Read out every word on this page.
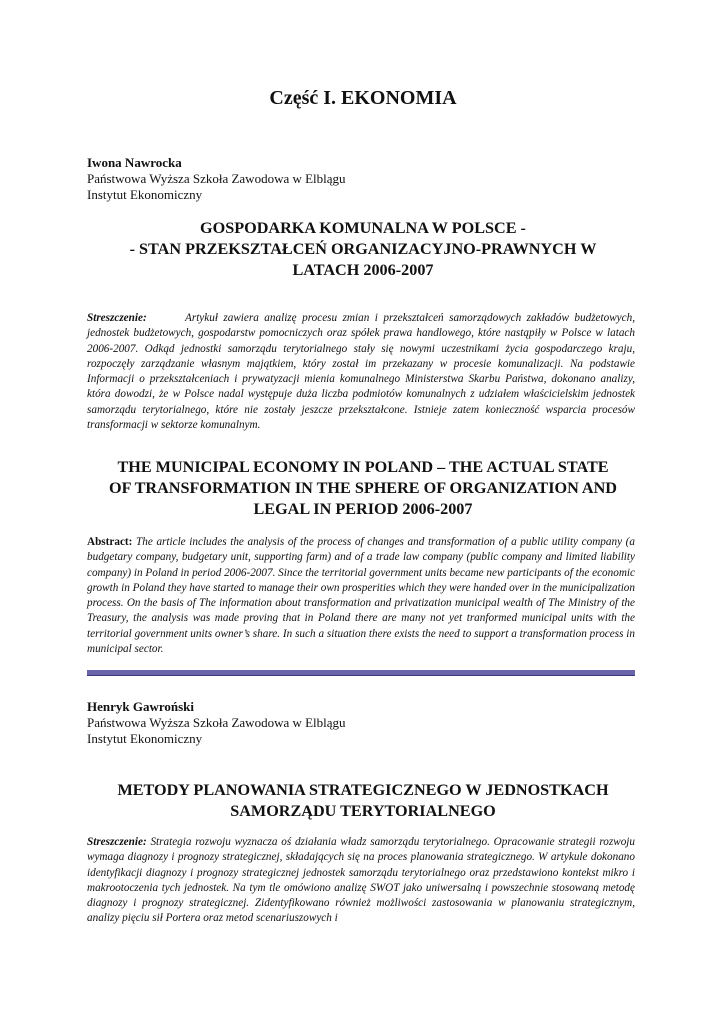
Część I. EKONOMIA
Iwona Nawrocka
Państwowa Wyższa Szkoła Zawodowa w Elblągu
Instytut Ekonomiczny
GOSPODARKA KOMUNALNA W POLSCE -
- STAN PRZEKSZTAŁCEŃ ORGANIZACYJNO-PRAWNYCH W
LATACH 2006-2007

Streszczenie:	Artykuł zawiera analizę procesu zmian i przekształceń samorządowych zakładów budżetowych, jednostek budżetowych, gospodarstw pomocniczych oraz spółek prawa handlowego, które nastąpiły w Polsce w latach 2006-2007. Odkąd jednostki samorządu terytorialnego stały się nowymi uczestnikami życia gospodarczego kraju, rozpoczęły zarządzanie własnym majątkiem, który został im przekazany w procesie komunalizacji. Na podstawie Informacji o przekształceniach i prywatyzacji mienia komunalnego Ministerstwa Skarbu Państwa, dokonano analizy, która dowodzi, że w Polsce nadal występuje duża liczba podmiotów komunalnych z udziałem właścicielskim jednostek samorządu terytorialnego, które nie zostały jeszcze przekształcone. Istnieje zatem konieczność wsparcia procesów transformacji w sektorze komunalnym.

THE MUNICIPAL ECONOMY IN POLAND – THE ACTUAL STATE
OF TRANSFORMATION IN THE SPHERE OF ORGANIZATION AND
LEGAL IN PERIOD 2006-2007

Abstract: The article includes the analysis of the process of changes and transformation of a public utility company (a budgetary company, budgetary unit, supporting farm) and of a trade law company (public company and limited liability company) in Poland in period 2006-2007. Since the territorial government units became new participants of the economic growth in Poland they have started to manage their own prosperities which they were handed over in the municipalization process. On the basis of The information about transformation and privatization municipal wealth of The Ministry of the Treasury, the analysis was made proving that in Poland there are many not yet tranformed municipal units with the territorial government units owner’s share. In such a situation there exists the need to support a transformation process in municipal sector.

Henryk Gawroński
Państwowa Wyższa Szkoła Zawodowa w Elblągu
Instytut Ekonomiczny
METODY PLANOWANIA STRATEGICZNEGO W JEDNOSTKACH
SAMORZĄDU TERYTORIALNEGO

Streszczenie: Strategia rozwoju wyznacza oś działania władz samorządu terytorialnego. Opracowanie strategii rozwoju wymaga diagnozy i prognozy strategicznej, składających się na proces planowania strategicznego. W artykule dokonano identyfikacji diagnozy i prognozy strategicznej jednostek samorządu terytorialnego oraz przedstawiono kontekst mikro i makrootoczenia tych jednostek. Na tym tle omówiono analizę SWOT jako uniwersalną i powszechnie stosowaną metodę diagnozy i prognozy strategicznej. Zidentyfikowano również możliwości zastosowania w planowaniu strategicznym, analizy pięciu sił Portera oraz metod scenariuszowych i
